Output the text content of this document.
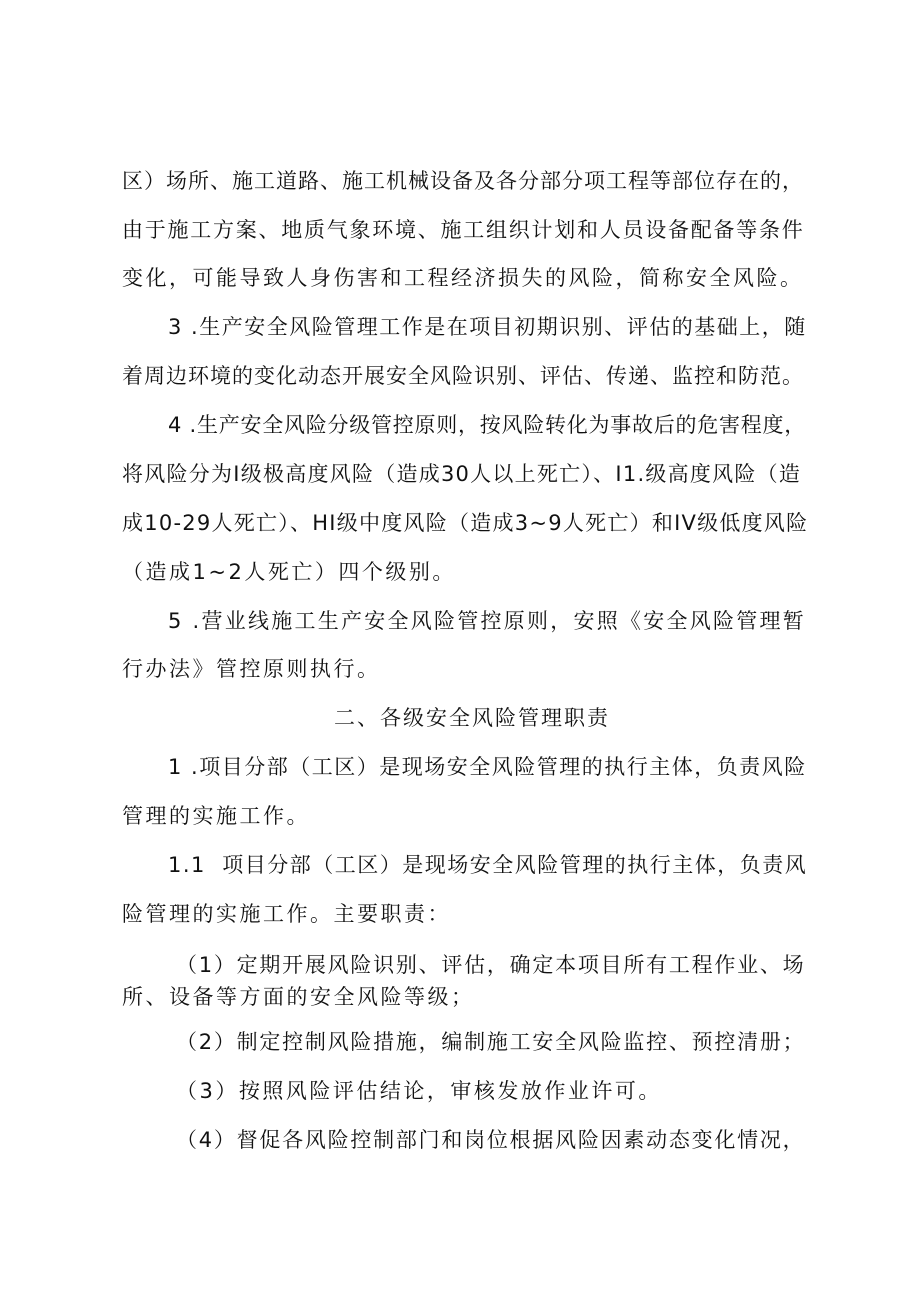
区）场所、施工道路、施工机械设备及各分部分项工程等部位存在的，
由于施工方案、地质气象环境、施工组织计划和人员设备配备等条件
变化，可能导致人身伤害和工程经济损失的风险，简称安全风险。
3 .生产安全风险管理工作是在项目初期识别、评估的基础上，随
着周边环境的变化动态开展安全风险识别、评估、传递、监控和防范。
4 .生产安全风险分级管控原则，按风险转化为事故后的危害程度，
将风险分为I级极高度风险（造成30人以上死亡）、I1.级高度风险（造
成10-29人死亡）、HI级中度风险（造成3~9人死亡）和IV级低度风险
（造成1~2人死亡）四个级别。
5 .营业线施工生产安全风险管控原则，安照《安全风险管理暂
行办法》管控原则执行。
二、各级安全风险管理职责
1 .项目分部（工区）是现场安全风险管理的执行主体，负责风险
管理的实施工作。
1.1  项目分部（工区）是现场安全风险管理的执行主体，负责风
险管理的实施工作。主要职责：
（1）定期开展风险识别、评估，确定本项目所有工程作业、场
所、设备等方面的安全风险等级；
（2）制定控制风险措施，编制施工安全风险监控、预控清册；
（3）按照风险评估结论，审核发放作业许可。
（4）督促各风险控制部门和岗位根据风险因素动态变化情况，
